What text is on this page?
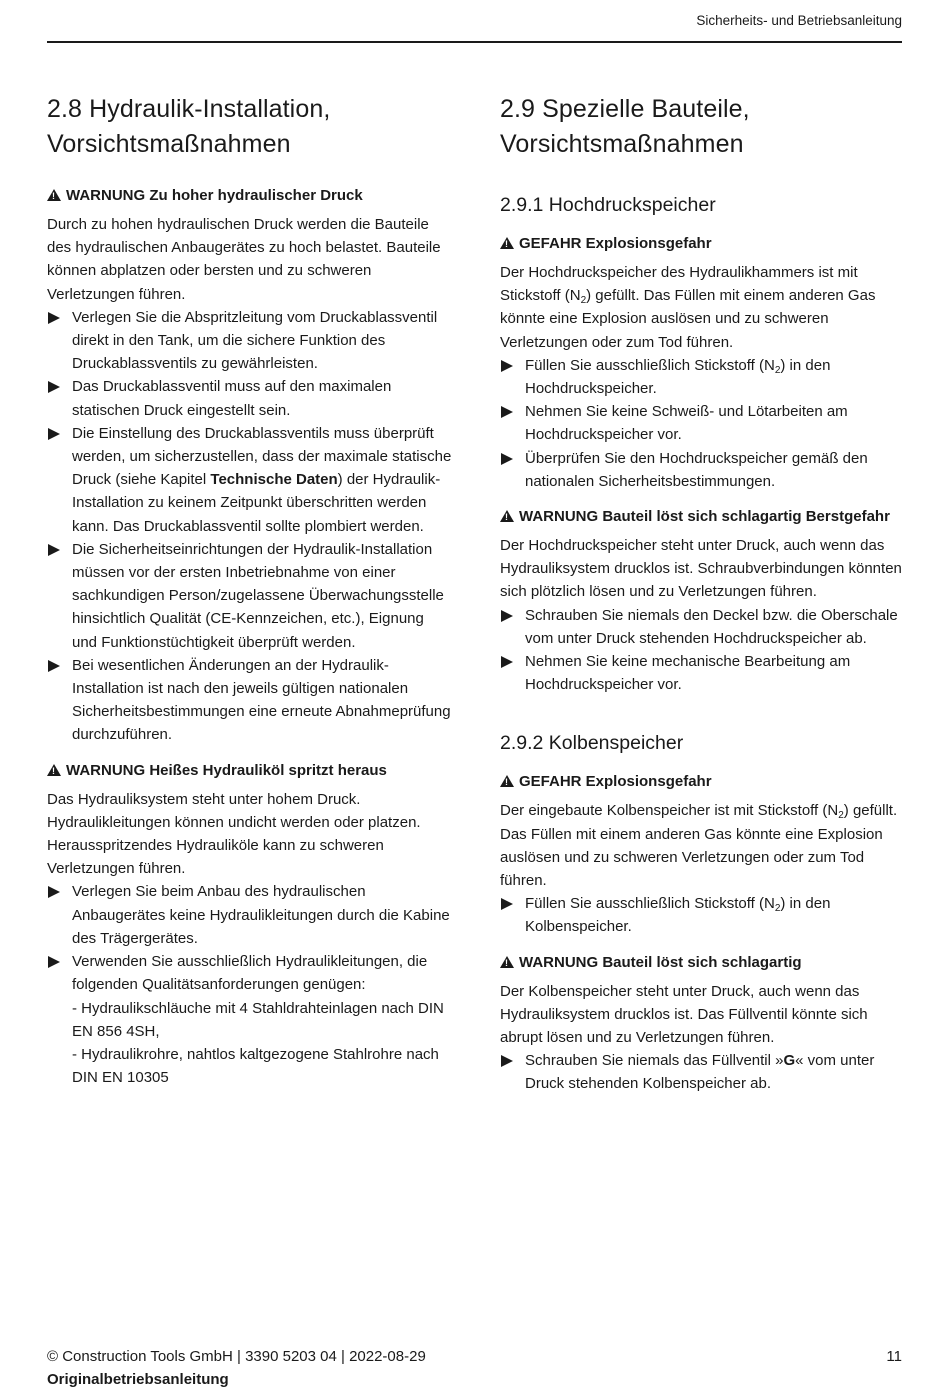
Sicherheits- und Betriebsanleitung
2.8 Hydraulik-Installation,
Vorsichtsmaßnahmen
!WARNUNG Zu hoher hydraulischer Druck

Durch zu hohen hydraulischen Druck werden die Bauteile des hydraulischen Anbaugerätes zu hoch belastet. Bauteile können abplatzen oder bersten und zu schweren Verletzungen führen.

Verlegen Sie die Abspritzleitung vom Druckablassventil direkt in den Tank, um die sichere Funktion des Druckablassventils zu gewährleisten.
Das Druckablassventil muss auf den maximalen statischen Druck eingestellt sein.
Die Einstellung des Druckablassventils muss überprüft werden, um sicherzustellen, dass der maximale statische Druck (siehe Kapitel Technische Daten) der Hydraulik-Installation zu keinem Zeitpunkt überschritten werden kann. Das Druckablassventil sollte plombiert werden.
Die Sicherheitseinrichtungen der Hydraulik-Installation müssen vor der ersten Inbetriebnahme von einer sachkundigen Person/zugelassene Überwachungsstelle hinsichtlich Qualität (CE-Kennzeichen, etc.), Eignung und Funktionstüchtigkeit überprüft werden.
Bei wesentlichen Änderungen an der Hydraulik-Installation ist nach den jeweils gültigen nationalen Sicherheitsbestimmungen eine erneute Abnahmeprüfung durchzuführen.
!WARNUNG Heißes Hydrauliköl spritzt heraus

Das Hydrauliksystem steht unter hohem Druck. Hydraulikleitungen können undicht werden oder platzen. Herausspritzendes Hydrauliköle kann zu schweren Verletzungen führen.

Verlegen Sie beim Anbau des hydraulischen Anbaugerätes keine Hydraulikleitungen durch die Kabine des Trägergerätes.
Verwenden Sie ausschließlich Hydraulikleitungen, die folgenden Qualitätsanforderungen genügen:
- Hydraulikschläuche mit 4 Stahldrahteinlagen nach DIN EN 856 4SH,
- Hydraulikrohre, nahtlos kaltgezogene Stahlrohre nach DIN EN 10305
2.9 Spezielle Bauteile,
Vorsichtsmaßnahmen
2.9.1 Hochdruckspeicher
!GEFAHR Explosionsgefahr

Der Hochdruckspeicher des Hydraulikhammers ist mit Stickstoff $(N_2)$ gefüllt. Das Füllen mit einem anderen Gas könnte eine Explosion auslösen und zu schweren Verletzungen oder zum Tod führen.

Füllen Sie ausschließlich Stickstoff $(N_2)$ in den Hochdruckspeicher.
Nehmen Sie keine Schweiß- und Lötarbeiten am Hochdruckspeicher vor.
Überprüfen Sie den Hochdruckspeicher gemäß den nationalen Sicherheitsbestimmungen.
!WARNUNG Bauteil löst sich schlagartig Berstgefahr

Der Hochdruckspeicher steht unter Druck, auch wenn das Hydrauliksystem drucklos ist. Schraubverbindungen könnten sich plötzlich lösen und zu Verletzungen führen.

Schrauben Sie niemals den Deckel bzw. die Oberschale vom unter Druck stehenden Hochdruckspeicher ab.
Nehmen Sie keine mechanische Bearbeitung am Hochdruckspeicher vor.
2.9.2 Kolbenspeicher
!GEFAHR Explosionsgefahr

Der eingebaute Kolbenspeicher ist mit Stickstoff $(N_2)$ gefüllt. Das Füllen mit einem anderen Gas könnte eine Explosion auslösen und zu schweren Verletzungen oder zum Tod führen.

Füllen Sie ausschließlich Stickstoff $(N_2)$ in den Kolbenspeicher.
!WARNUNG Bauteil löst sich schlagartig

Der Kolbenspeicher steht unter Druck, auch wenn das Hydrauliksystem drucklos ist. Das Füllventil könnte sich abrupt lösen und zu Verletzungen führen.

Schrauben Sie niemals das Füllventil »G« vom unter Druck stehenden Kolbenspeicher ab.
© Construction Tools GmbH | 3390 5203 04 | 2022-08-29
Originalbetriebsanleitung
11
